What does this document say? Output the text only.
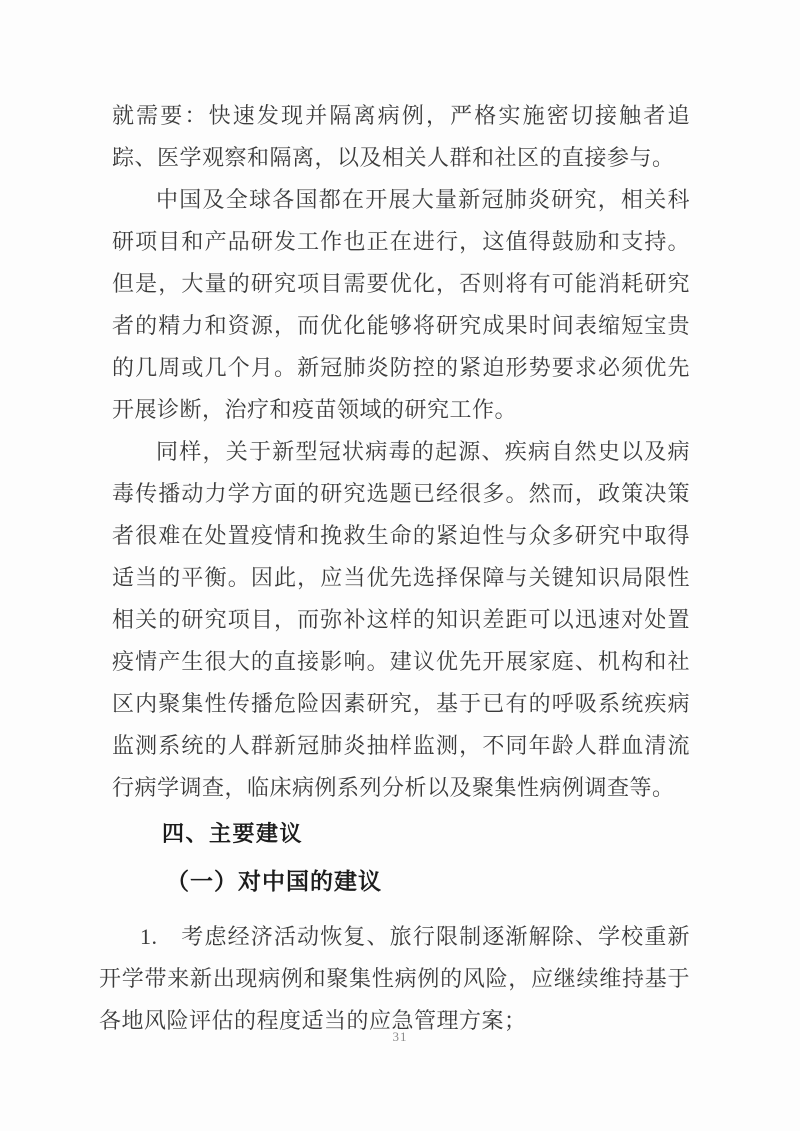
就需要：快速发现并隔离病例，严格实施密切接触者追踪、医学观察和隔离，以及相关人群和社区的直接参与。

中国及全球各国都在开展大量新冠肺炎研究，相关科研项目和产品研发工作也正在进行，这值得鼓励和支持。但是，大量的研究项目需要优化，否则将有可能消耗研究者的精力和资源，而优化能够将研究成果时间表缩短宝贵的几周或几个月。新冠肺炎防控的紧迫形势要求必须优先开展诊断，治疗和疫苗领域的研究工作。

同样，关于新型冠状病毒的起源、疾病自然史以及病毒传播动力学方面的研究选题已经很多。然而，政策决策者很难在处置疫情和挽救生命的紧迫性与众多研究中取得适当的平衡。因此，应当优先选择保障与关键知识局限性相关的研究项目，而弥补这样的知识差距可以迅速对处置疫情产生很大的直接影响。建议优先开展家庭、机构和社区内聚集性传播危险因素研究，基于已有的呼吸系统疾病监测系统的人群新冠肺炎抽样监测，不同年龄人群血清流行病学调查，临床病例系列分析以及聚集性病例调查等。

四、主要建议
（一）对中国的建议

1.　考虑经济活动恢复、旅行限制逐渐解除、学校重新开学带来新出现病例和聚集性病例的风险，应继续维持基于各地风险评估的程度适当的应急管理方案；

31
